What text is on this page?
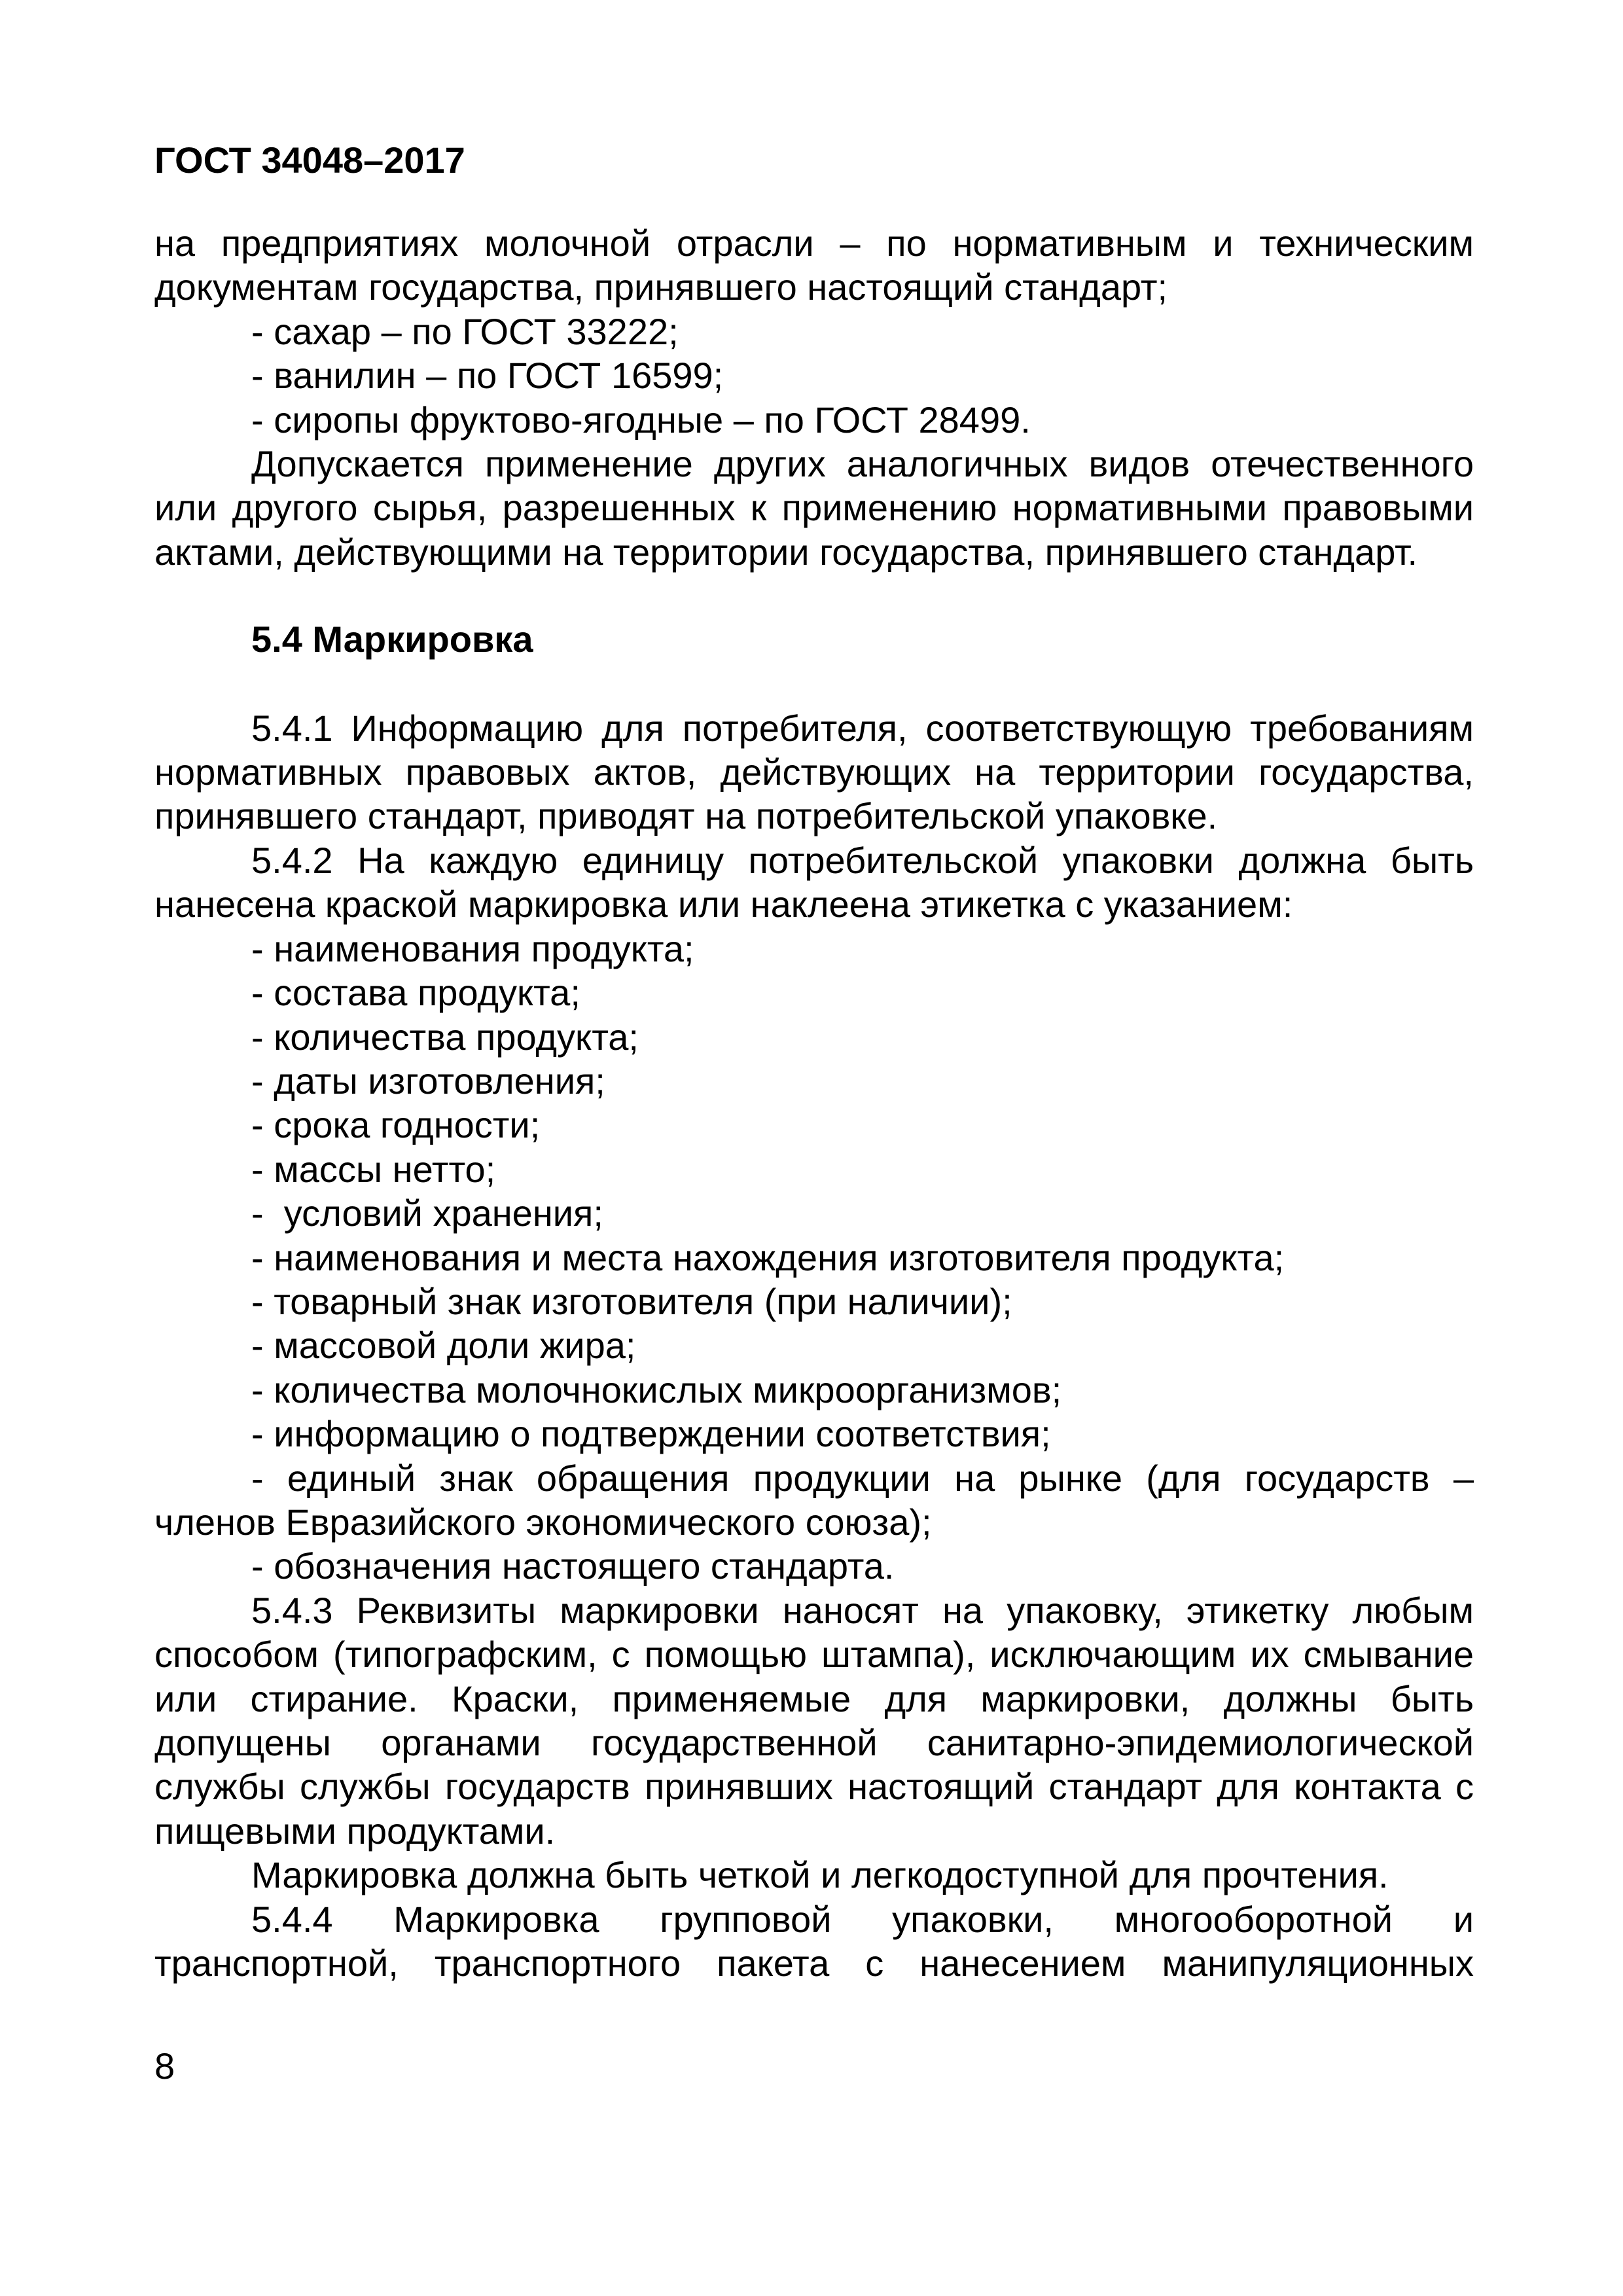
ГОСТ 34048–2017

на предприятиях молочной отрасли – по нормативным и техническим документам государства, принявшего настоящий стандарт;

- сахар – по ГОСТ 33222;

- ванилин – по ГОСТ 16599;

- сиропы фруктово-ягодные – по ГОСТ 28499.

Допускается применение других аналогичных видов отечественного или другого сырья, разрешенных к применению нормативными правовыми актами, действующими на территории государства, принявшего стандарт.

5.4 Маркировка

5.4.1 Информацию для потребителя, соответствующую требованиям нормативных правовых актов, действующих на территории государства, принявшего стандарт, приводят на потребительской упаковке.

5.4.2 На каждую единицу потребительской упаковки должна быть нанесена краской маркировка или наклеена этикетка с указанием:

- наименования продукта;

- состава продукта;

- количества продукта;

- даты изготовления;

- срока годности;

- массы нетто;

-  условий хранения;

- наименования и места нахождения изготовителя продукта;

- товарный знак изготовителя (при наличии);

- массовой доли жира;

- количества молочнокислых микроорганизмов;

- информацию о подтверждении соответствия;

- единый знак обращения продукции на рынке (для государств – членов Евразийского экономического союза);

- обозначения настоящего стандарта.

5.4.3 Реквизиты маркировки наносят на упаковку, этикетку любым способом (типографским, с помощью штампа), исключающим их смывание или стирание. Краски, применяемые для маркировки, должны быть допущены органами государственной санитарно-эпидемиологической службы службы государств принявших настоящий стандарт для контакта с пищевыми продуктами.

Маркировка должна быть четкой и легкодоступной для прочтения.

5.4.4 Маркировка групповой упаковки, многооборотной и транспортной, транспортного пакета с нанесением манипуляционных

8
